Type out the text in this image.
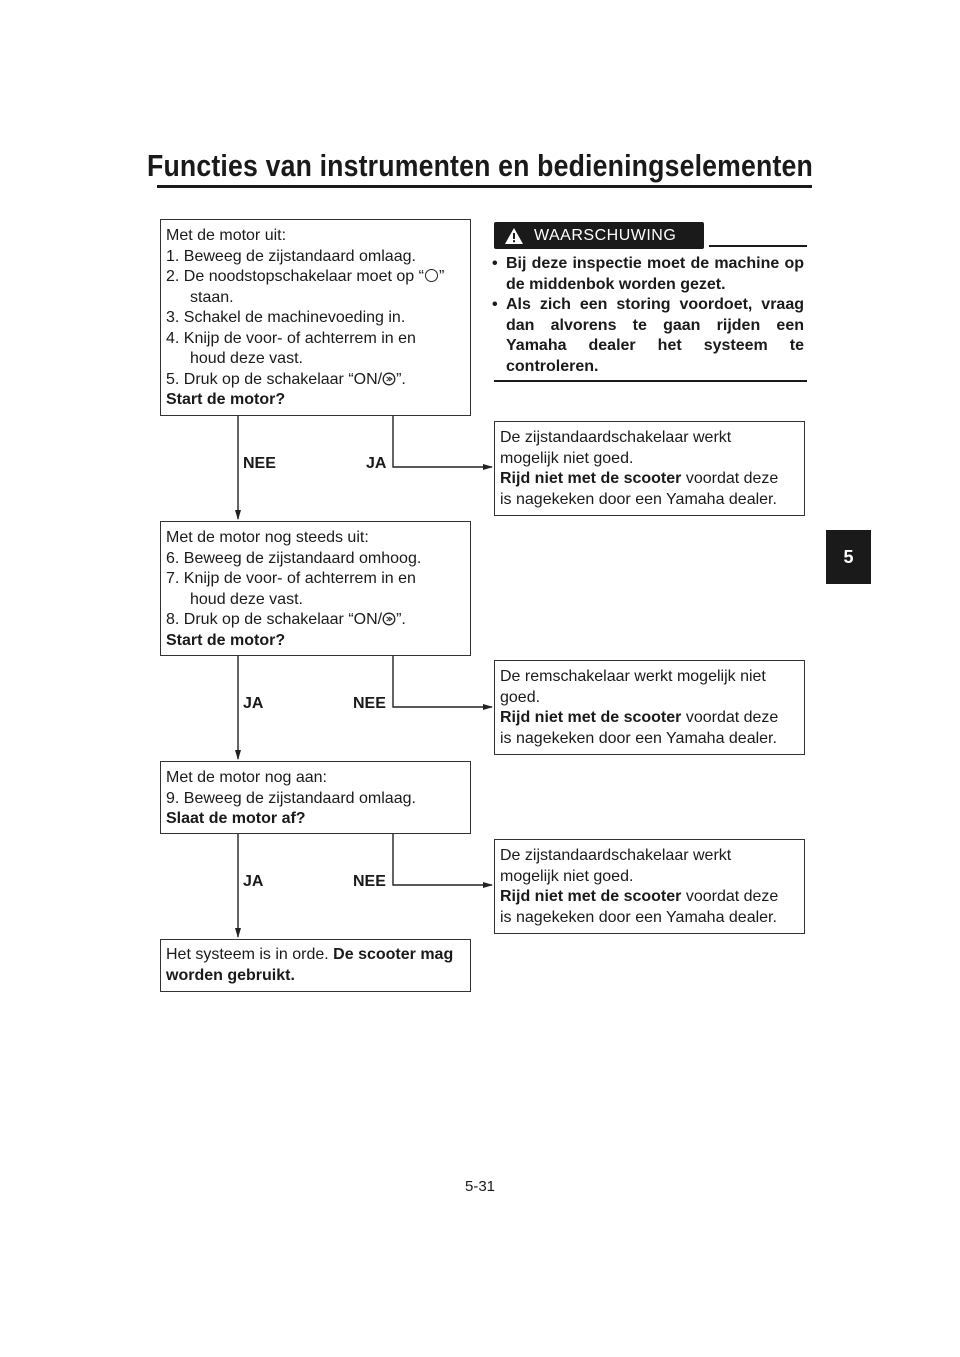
Functies van instrumenten en bedieningselementen
5
Met de motor uit:
1. Beweeg de zijstandaard omlaag.
2. De noodstopschakelaar moet op “ ”
staan.
3. Schakel de machinevoeding in.
4. Knijp de voor- of achterrem in en
houd deze vast.
5. Druk op de schakelaar “ON/ ”.
Start de motor?
NEE	JA
De zijstandaardschakelaar werkt
mogelijk niet goed.
Rijd niet met de scooter voordat deze
is nagekeken door een Yamaha dealer.
Met de motor nog steeds uit:
6. Beweeg de zijstandaard omhoog.
7. Knijp de voor- of achterrem in en
houd deze vast.
8. Druk op de schakelaar “ON/ ”.
Start de motor?
JA	NEE
De remschakelaar werkt mogelijk niet
goed.
Rijd niet met de scooter voordat deze
is nagekeken door een Yamaha dealer.
Met de motor nog aan:
9. Beweeg de zijstandaard omlaag.
Slaat de motor af?
JA	NEE
De zijstandaardschakelaar werkt
mogelijk niet goed.
Rijd niet met de scooter voordat deze
is nagekeken door een Yamaha dealer.
Het systeem is in orde. De scooter mag worden gebruikt.
WAARSCHUWING
• Bij deze inspectie moet de machine op de middenbok worden gezet.
• Als zich een storing voordoet, vraag dan alvorens te gaan rijden een Yamaha dealer het systeem te controleren.
5-31
